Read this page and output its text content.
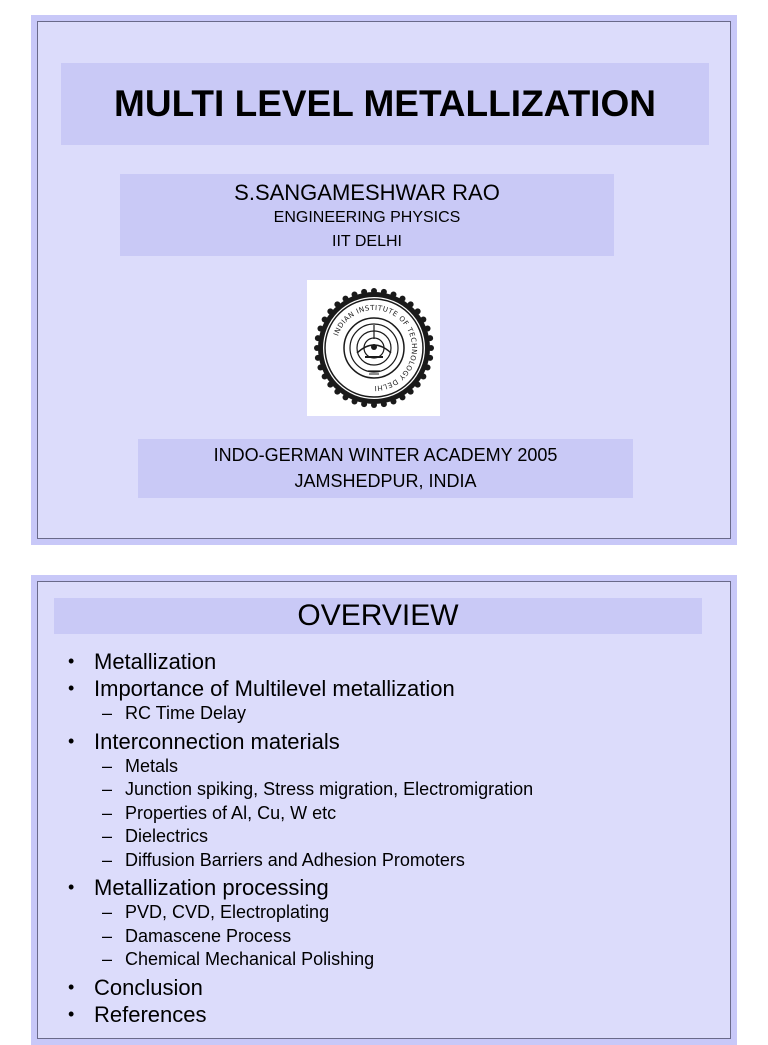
MULTI LEVEL METALLIZATION
S.SANGAMESHWAR RAO
ENGINEERING PHYSICS
IIT DELHI
INDIAN INSTITUTE OF TECHNOLOGY DELHI
INDO-GERMAN WINTER ACADEMY 2005
JAMSHEDPUR, INDIA
OVERVIEW
• Metallization
• Importance of Multilevel metallization
– RC Time Delay
• Interconnection materials
– Metals
– Junction spiking, Stress migration, Electromigration
– Properties of Al, Cu, W etc
– Dielectrics
– Diffusion Barriers and Adhesion Promoters
• Metallization processing
– PVD, CVD, Electroplating
– Damascene Process
– Chemical Mechanical Polishing
• Conclusion
• References
